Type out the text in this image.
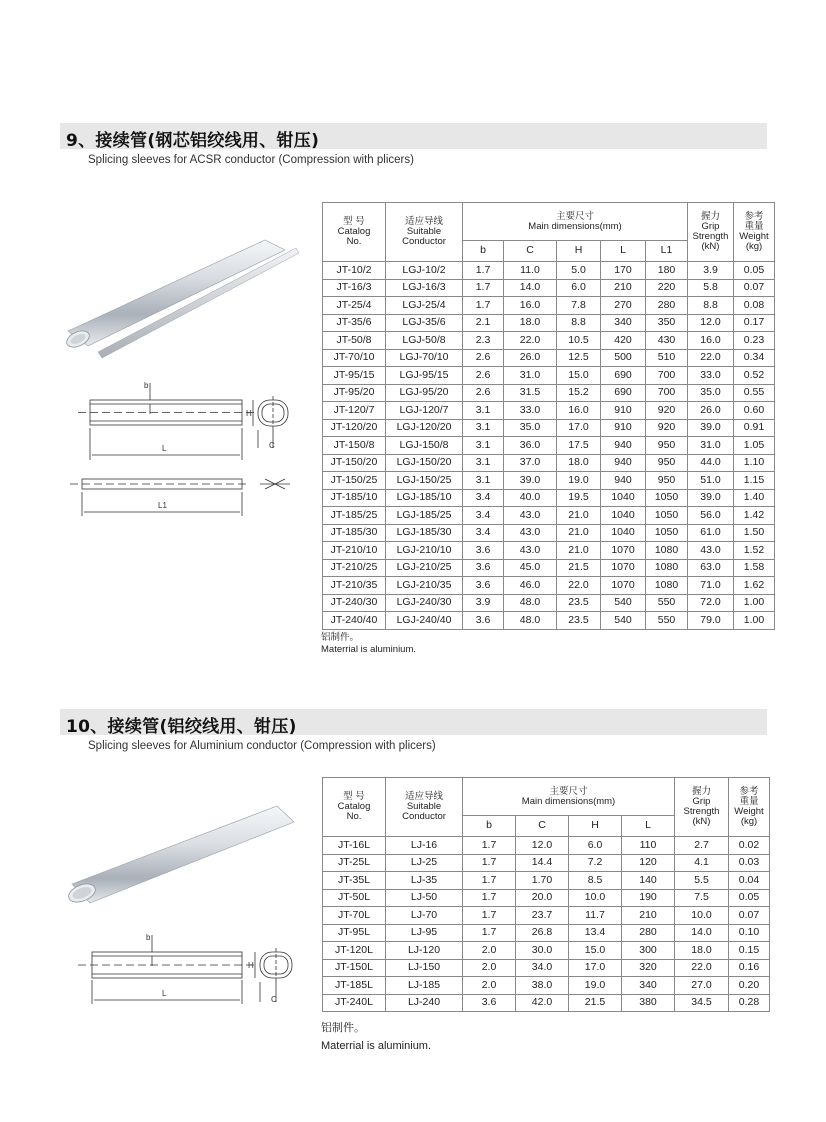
9、接续管(钢芯铝绞线用、钳压)
Splicing sleeves for ACSR conductor (Compression with plicers)
b
L
H
C
L1
型 号
Catalog
No.	适应导线
Suitable
Conductor	主要尺寸
Main dimensions(mm)					握力
Grip
Strength
(kN)	参考
重量
Weight
(kg)
		b	C	H	L	L1		
JT-10/2	LGJ-10/2	1.7	11.0	5.0	170	180	3.9	0.05
JT-16/3	LGJ-16/3	1.7	14.0	6.0	210	220	5.8	0.07
JT-25/4	LGJ-25/4	1.7	16.0	7.8	270	280	8.8	0.08
JT-35/6	LGJ-35/6	2.1	18.0	8.8	340	350	12.0	0.17
JT-50/8	LGJ-50/8	2.3	22.0	10.5	420	430	16.0	0.23
JT-70/10	LGJ-70/10	2.6	26.0	12.5	500	510	22.0	0.34
JT-95/15	LGJ-95/15	2.6	31.0	15.0	690	700	33.0	0.52
JT-95/20	LGJ-95/20	2.6	31.5	15.2	690	700	35.0	0.55
JT-120/7	LGJ-120/7	3.1	33.0	16.0	910	920	26.0	0.60
JT-120/20	LGJ-120/20	3.1	35.0	17.0	910	920	39.0	0.91
JT-150/8	LGJ-150/8	3.1	36.0	17.5	940	950	31.0	1.05
JT-150/20	LGJ-150/20	3.1	37.0	18.0	940	950	44.0	1.10
JT-150/25	LGJ-150/25	3.1	39.0	19.0	940	950	51.0	1.15
JT-185/10	LGJ-185/10	3.4	40.0	19.5	1040	1050	39.0	1.40
JT-185/25	LGJ-185/25	3.4	43.0	21.0	1040	1050	56.0	1.42
JT-185/30	LGJ-185/30	3.4	43.0	21.0	1040	1050	61.0	1.50
JT-210/10	LGJ-210/10	3.6	43.0	21.0	1070	1080	43.0	1.52
JT-210/25	LGJ-210/25	3.6	45.0	21.5	1070	1080	63.0	1.58
JT-210/35	LGJ-210/35	3.6	46.0	22.0	1070	1080	71.0	1.62
JT-240/30	LGJ-240/30	3.9	48.0	23.5	540	550	72.0	1.00
JT-240/40	LGJ-240/40	3.6	48.0	23.5	540	550	79.0	1.00
铝制件。
Materrial is aluminium.
10、接续管(铝绞线用、钳压)
Splicing sleeves for Aluminium conductor (Compression with plicers)
b
L
H
C
型 号
Catalog
No.	适应导线
Suitable
Conductor	主要尺寸
Main dimensions(mm)				握力
Grip
Strength
(kN)	参考
重量
Weight
(kg)
		b	C	H	L		
JT-16L	LJ-16	1.7	12.0	6.0	110	2.7	0.02
JT-25L	LJ-25	1.7	14.4	7.2	120	4.1	0.03
JT-35L	LJ-35	1.7	1.70	8.5	140	5.5	0.04
JT-50L	LJ-50	1.7	20.0	10.0	190	7.5	0.05
JT-70L	LJ-70	1.7	23.7	11.7	210	10.0	0.07
JT-95L	LJ-95	1.7	26.8	13.4	280	14.0	0.10
JT-120L	LJ-120	2.0	30.0	15.0	300	18.0	0.15
JT-150L	LJ-150	2.0	34.0	17.0	320	22.0	0.16
JT-185L	LJ-185	2.0	38.0	19.0	340	27.0	0.20
JT-240L	LJ-240	3.6	42.0	21.5	380	34.5	0.28
铝制件。
Materrial is aluminium.
